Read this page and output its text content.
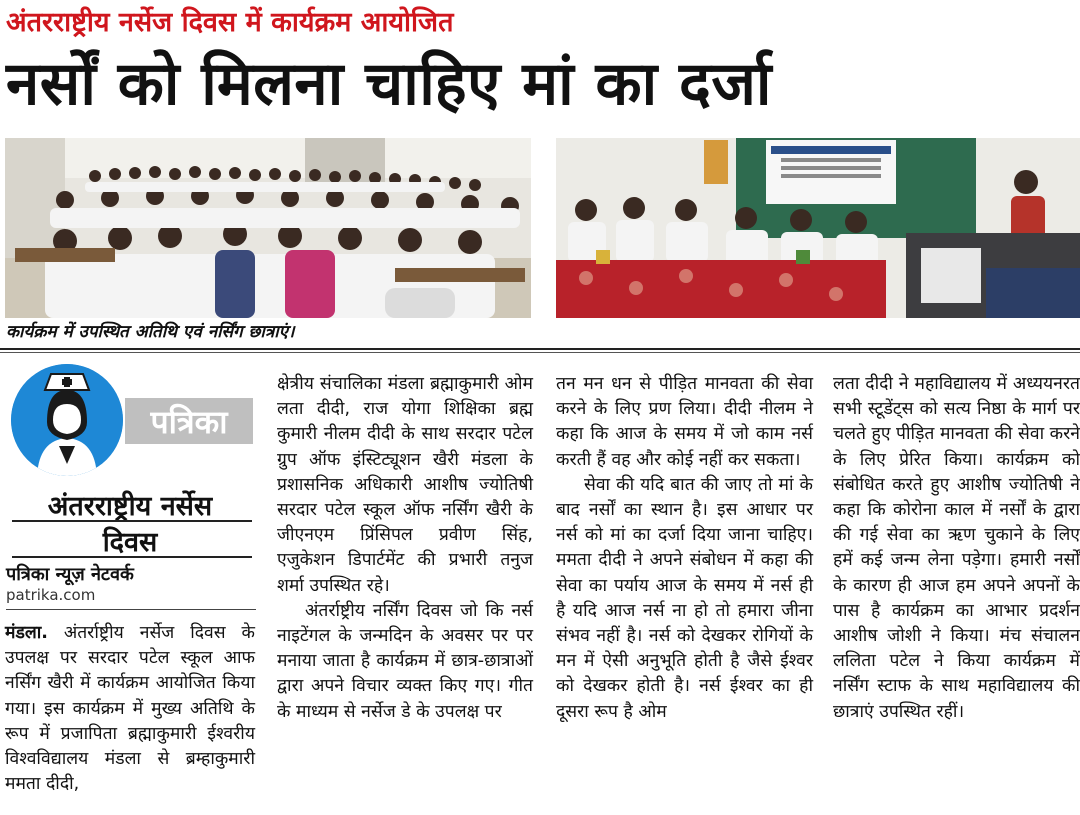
अंतरराष्ट्रीय नर्सेज दिवस में कार्यक्रम आयोजित
नर्सों को मिलना चाहिए मां का दर्जा
कार्यक्रम में उपस्थित अतिथि एवं नर्सिंग छात्राएं।
पत्रिका
अंतरराष्ट्रीय नर्सेस
दिवस
पत्रिका न्यूज़ नेटवर्क
patrika.com

मंडला. अंतर्राष्ट्रीय नर्सेज दिवस के उपलक्ष पर सरदार पटेल स्कूल आफ नर्सिंग खैरी में कार्यक्रम आयोजित किया गया। इस कार्यक्रम में मुख्य अतिथि के रूप में प्रजापिता ब्रह्माकुमारी ईश्वरीय विश्वविद्यालय मंडला से ब्रम्हाकुमारी ममता दीदी,

क्षेत्रीय संचालिका मंडला ब्रह्माकुमारी ओम लता दीदी, राज योगा शिक्षिका ब्रह्म कुमारी नीलम दीदी के साथ सरदार पटेल ग्रुप ऑफ इंस्टिट्यूशन खैरी मंडला के प्रशासनिक अधिकारी आशीष ज्योतिषी सरदार पटेल स्कूल ऑफ नर्सिंग खैरी के जीएनएम प्रिंसिपल प्रवीण सिंह, एजुकेशन डिपार्टमेंट की प्रभारी तनुज शर्मा उपस्थित रहे।

अंतर्राष्ट्रीय नर्सिंग दिवस जो कि नर्स नाइटेंगल के जन्मदिन के अवसर पर पर मनाया जाता है कार्यक्रम में छात्र-छात्राओं द्वारा अपने विचार व्यक्त किए गए। गीत के माध्यम से नर्सेज डे के उपलक्ष पर

तन मन धन से पीड़ित मानवता की सेवा करने के लिए प्रण लिया। दीदी नीलम ने कहा कि आज के समय में जो काम नर्स करती हैं वह और कोई नहीं कर सकता।

सेवा की यदि बात की जाए तो मां के बाद नर्सों का स्थान है। इस आधार पर नर्स को मां का दर्जा दिया जाना चाहिए। ममता दीदी ने अपने संबोधन में कहा की सेवा का पर्याय आज के समय में नर्स ही है यदि आज नर्स ना हो तो हमारा जीना संभव नहीं है। नर्स को देखकर रोगियों के मन में ऐसी अनुभूति होती है जैसे ईश्वर को देखकर होती है। नर्स ईश्वर का ही दूसरा रूप है ओम

लता दीदी ने महाविद्यालय में अध्ययनरत सभी स्टूडेंट्स को सत्य निष्ठा के मार्ग पर चलते हुए पीड़ित मानवता की सेवा करने के लिए प्रेरित किया। कार्यक्रम को संबोधित करते हुए आशीष ज्योतिषी ने कहा कि कोरोना काल में नर्सों के द्वारा की गई सेवा का ऋण चुकाने के लिए हमें कई जन्म लेना पड़ेगा। हमारी नर्सों के कारण ही आज हम अपने अपनों के पास है कार्यक्रम का आभार प्रदर्शन आशीष जोशी ने किया। मंच संचालन ललिता पटेल ने किया कार्यक्रम में नर्सिंग स्टाफ के साथ महाविद्यालय की छात्राएं उपस्थित रहीं।
